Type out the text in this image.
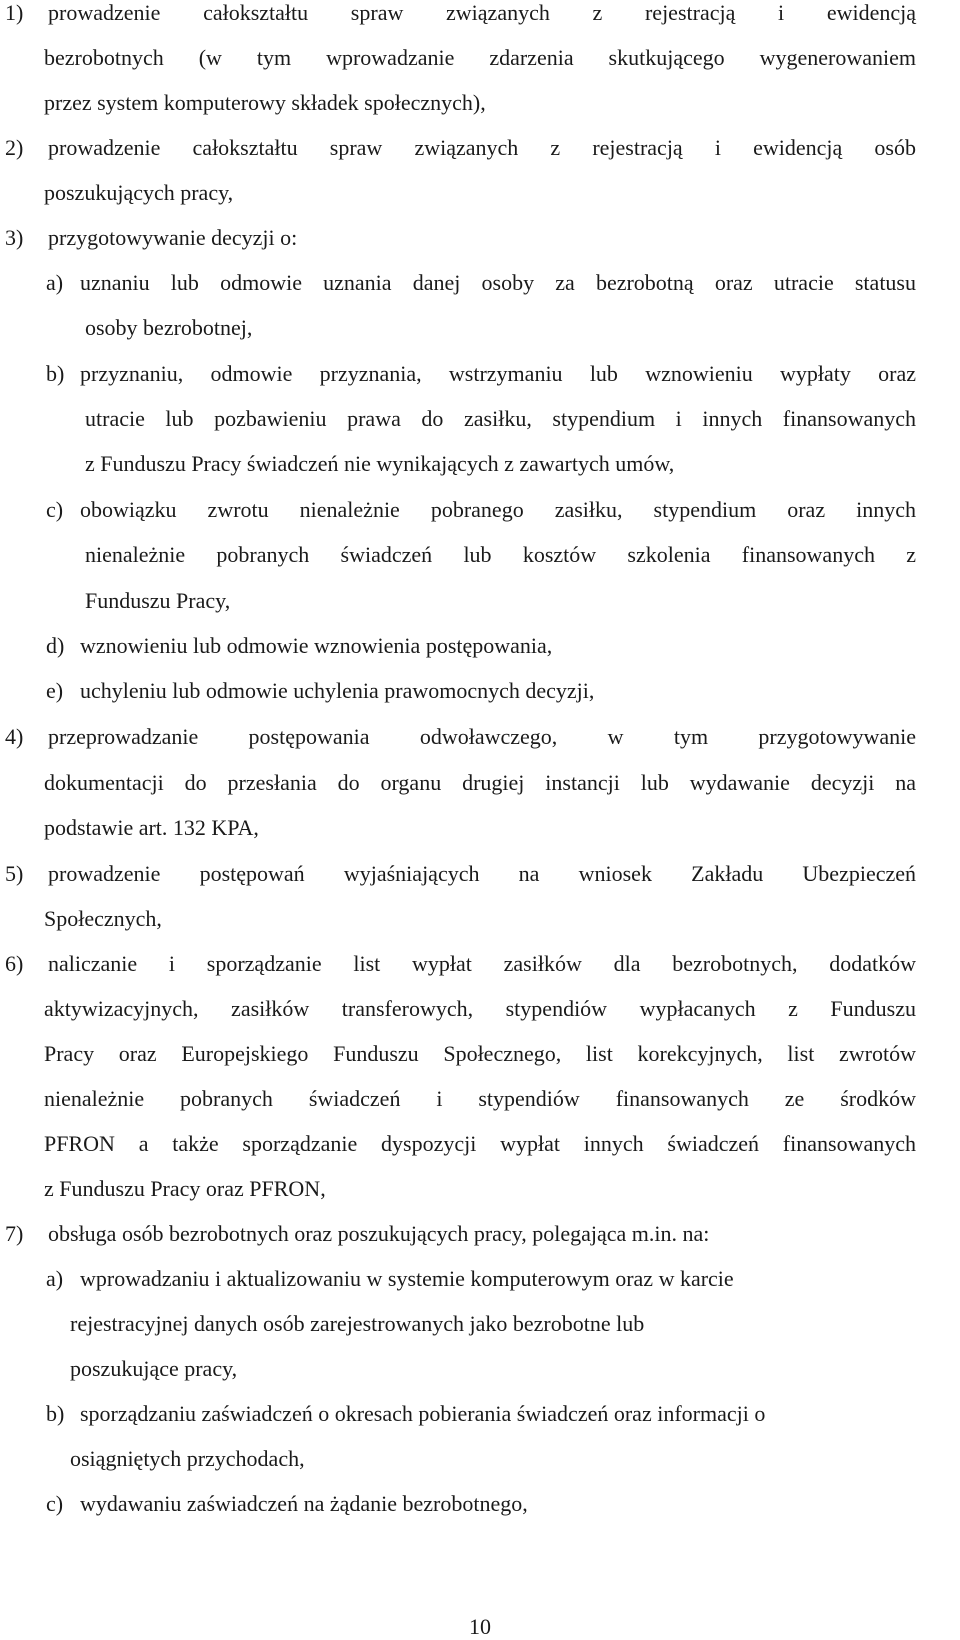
1) prowadzenie całokształtu spraw związanych z rejestracją i ewidencją
bezrobotnych (w tym wprowadzanie zdarzenia skutkującego wygenerowaniem
przez system komputerowy składek społecznych),
2) prowadzenie całokształtu spraw związanych z rejestracją i ewidencją osób
poszukujących pracy,
3) przygotowywanie decyzji o:
a) uznaniu lub odmowie uznania danej osoby za bezrobotną oraz utracie statusu
osoby bezrobotnej,
b) przyznaniu, odmowie przyznania, wstrzymaniu lub wznowieniu wypłaty oraz
utracie lub pozbawieniu prawa do zasiłku, stypendium i innych finansowanych
z Funduszu Pracy świadczeń nie wynikających z zawartych umów,
c) obowiązku zwrotu nienależnie pobranego zasiłku, stypendium oraz innych
nienależnie pobranych świadczeń lub kosztów szkolenia finansowanych z
Funduszu Pracy,
d) wznowieniu lub odmowie wznowienia postępowania,
e) uchyleniu lub odmowie uchylenia prawomocnych decyzji,
4) przeprowadzanie postępowania odwoławczego, w tym przygotowywanie
dokumentacji do przesłania do organu drugiej instancji lub wydawanie decyzji na
podstawie art. 132 KPA,
5) prowadzenie postępowań wyjaśniających na wniosek Zakładu Ubezpieczeń
Społecznych,
6) naliczanie i sporządzanie list wypłat zasiłków dla bezrobotnych, dodatków
aktywizacyjnych, zasiłków transferowych, stypendiów wypłacanych z Funduszu
Pracy oraz Europejskiego Funduszu Społecznego, list korekcyjnych, list zwrotów
nienależnie pobranych świadczeń i stypendiów finansowanych ze środków
PFRON a także sporządzanie dyspozycji wypłat innych świadczeń finansowanych
z Funduszu Pracy oraz PFRON,
7) obsługa osób bezrobotnych oraz poszukujących pracy, polegająca m.in. na:
a) wprowadzaniu i aktualizowaniu w systemie komputerowym oraz w karcie
rejestracyjnej danych osób zarejestrowanych jako bezrobotne lub
poszukujące pracy,
b) sporządzaniu zaświadczeń o okresach pobierania świadczeń oraz informacji o
osiągniętych przychodach,
c) wydawaniu zaświadczeń na żądanie bezrobotnego,
10
